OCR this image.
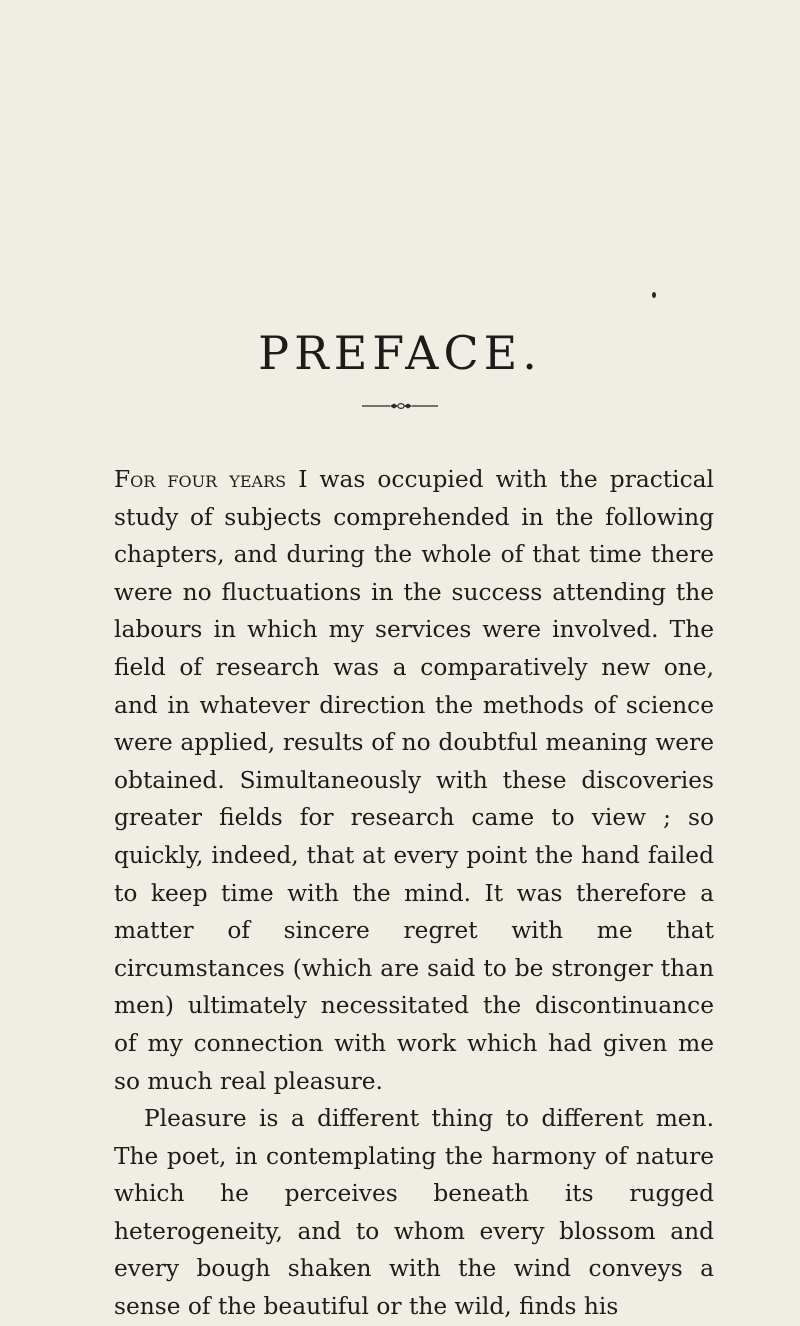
PREFACE.

For four years I was occupied with the practical study of subjects comprehended in the following chapters, and during the whole of that time there were no fluctuations in the success attending the labours in which my services were involved. The field of research was a comparatively new one, and in whatever direction the methods of science were applied, results of no doubtful meaning were obtained. Simultaneously with these discoveries greater fields for research came to view ; so quickly, indeed, that at every point the hand failed to keep time with the mind. It was therefore a matter of sincere regret with me that circumstances (which are said to be stronger than men) ultimately necessitated the discontinuance of my connection with work which had given me so much real pleasure.

Pleasure is a different thing to different men. The poet, in contemplating the harmony of nature which he perceives beneath its rugged heterogeneity, and to whom every blossom and every bough shaken with the wind conveys a sense of the beautiful or the wild, finds his
